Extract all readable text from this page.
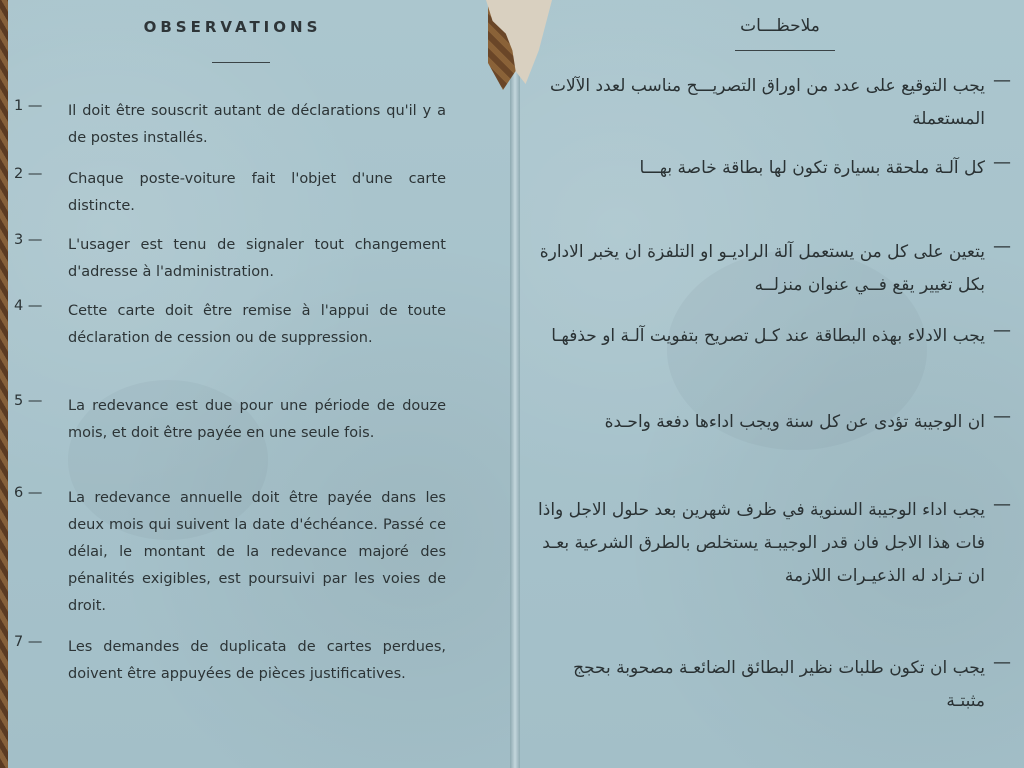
OBSERVATIONS
1 —	Il doit être souscrit autant de déclarations qu'il y a de postes installés.
2 —	Chaque poste-voiture fait l'objet d'une carte distincte.
3 —	L'usager est tenu de signaler tout changement d'adresse à l'administration.
4 —	Cette carte doit être remise à l'appui de toute déclaration de cession ou de suppression.
5 —	La redevance est due pour une période de douze mois, et doit être payée en une seule fois.
6 —	La redevance annuelle doit être payée dans les deux mois qui suivent la date d'échéance. Passé ce délai, le montant de la redevance majoré des pénalités exigibles, est poursuivi par les voies de droit.
7 —	Les demandes de duplicata de cartes perdues, doivent être appuyées de pièces justificatives.
ملاحظـــات
—
يجب التوقيع على عدد من اوراق التصريـــح مناسب لعدد الآلات المستعملة
—
كل آلـة ملحقة بسيارة تكون لها بطاقة خاصة بهـــا
—
يتعين على كل من يستعمل آلة الراديـو او التلفزة ان يخبر الادارة بكل تغيير يقع فــي عنوان منزلــه
—
يجب الادلاء بهذه البطاقة عند كـل تصريح بتفويت آلـة او حذفهـا
—
ان الوجيبة تؤدى عن كل سنة ويجب اداءها دفعة واحـدة
—
يجب اداء الوجيبة السنوية في ظرف شهرين بعد حلول الاجل واذا فات هذا الاجل فان قدر الوجيبـة يستخلص بالطرق الشرعية بعـد ان تـزاد له الذعيـرات اللازمة
—
يجب ان تكون طلبات نظير البطائق الضائعـة مصحوبة بحجج مثبتـة
